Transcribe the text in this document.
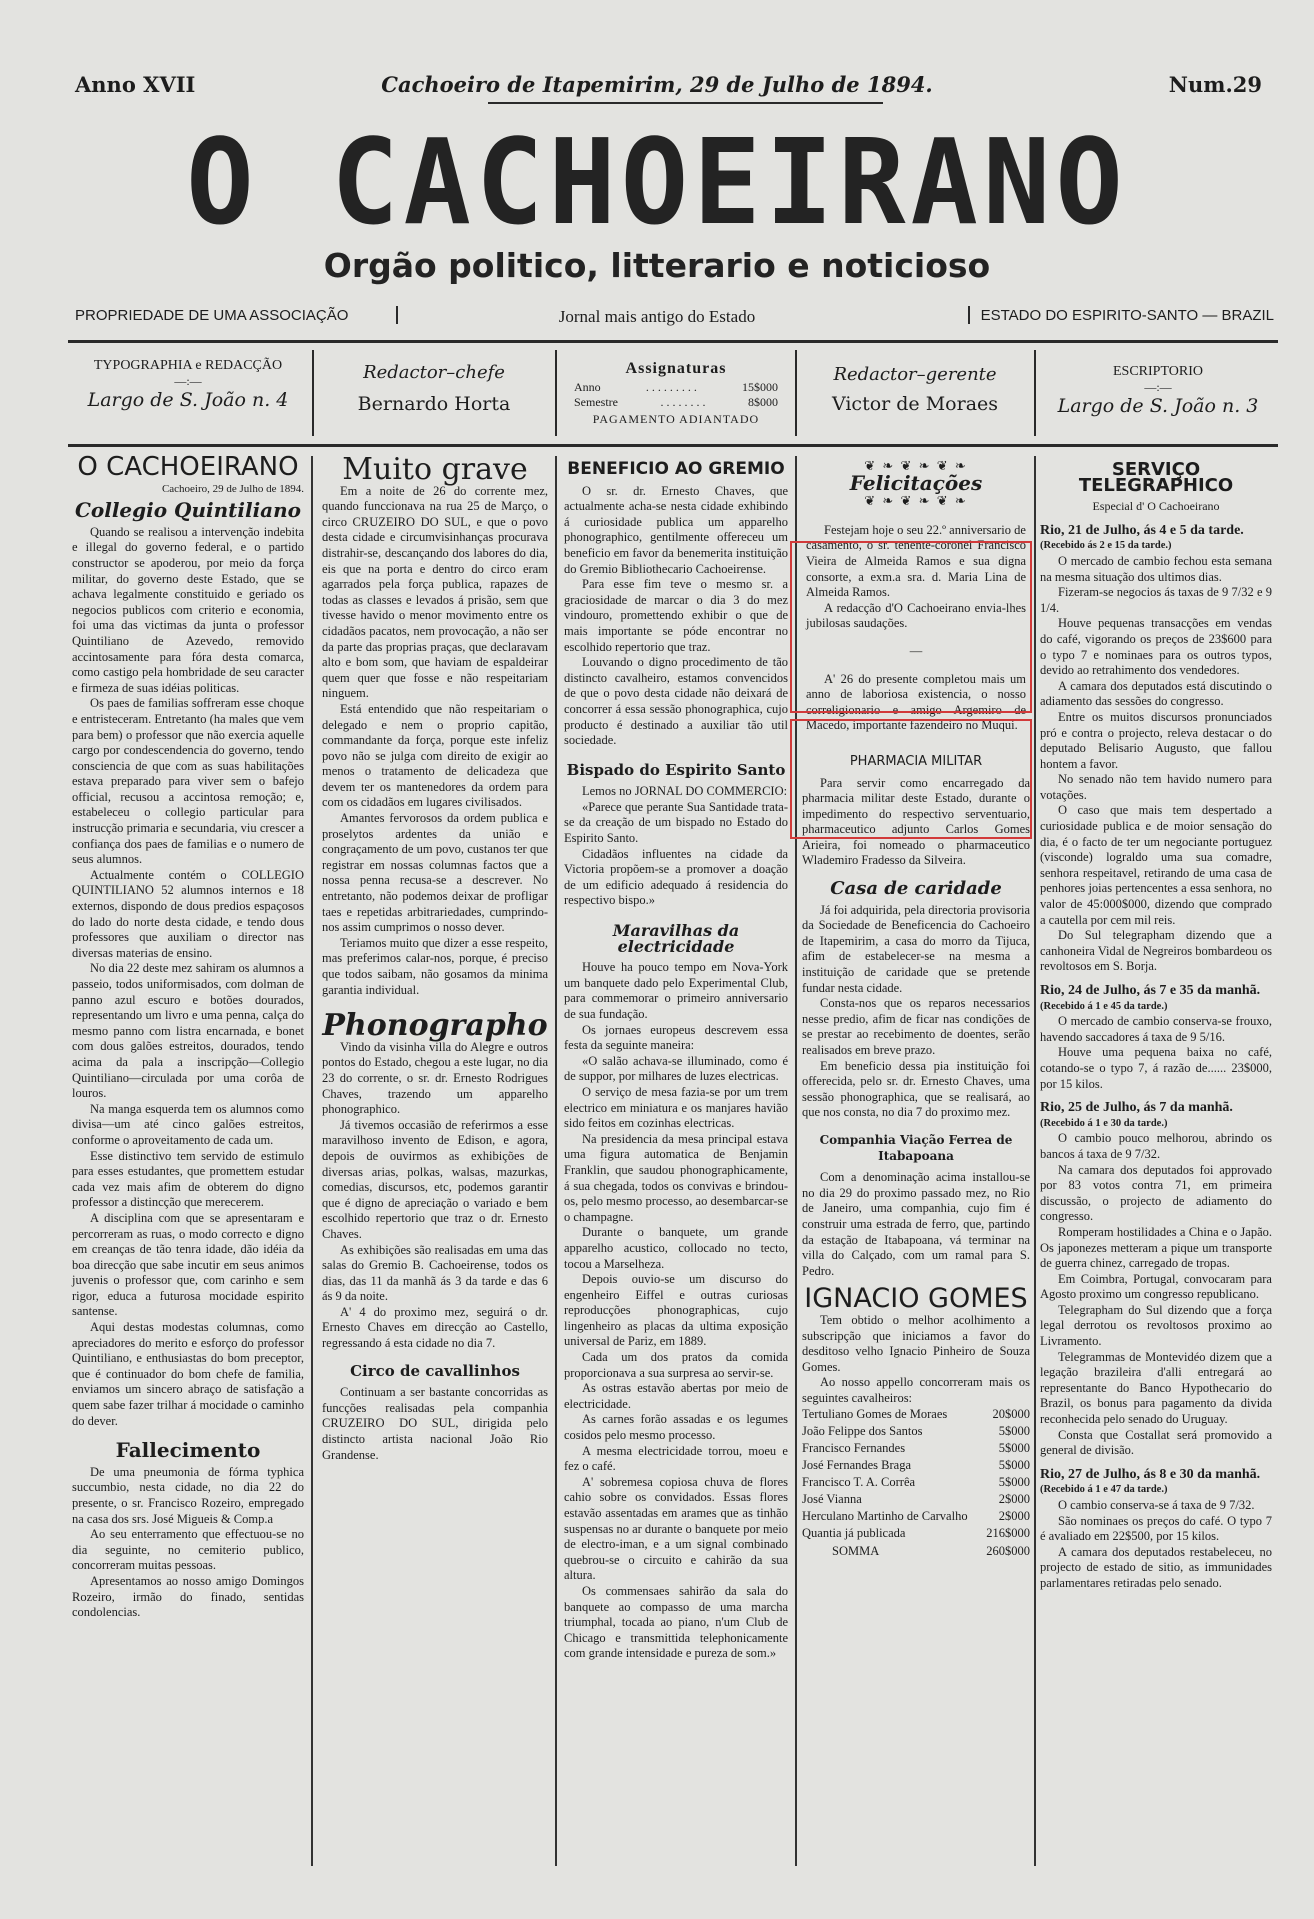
Anno XVII	Cachoeiro de Itapemirim, 29 de Julho de 1894.	Num.29
O CACHOEIRANO
Orgão politico, litterario e noticioso
PROPRIEDADE DE UMA ASSOCIAÇÃO	Jornal mais antigo do Estado	ESTADO DO ESPIRITO-SANTO — BRAZIL
TYPOGRAPHIA e REDACÇÃO
—:—
Largo de S. João n. 4
Redactor–chefe
Bernardo Horta
Assignaturas
Anno	. . . . . . . . .	15$000
Semestre	. . . . . . . .	8$000
PAGAMENTO ADIANTADO
Redactor–gerente
Victor de Moraes
ESCRIPTORIO
—:—
Largo de S. João n. 3
O CACHOEIRANO
Cachoeiro, 29 de Julho de 1894.
Collegio Quintiliano

Quando se realisou a intervenção indebita e illegal do governo federal, e o partido constructor se apoderou, por meio da força militar, do governo deste Estado, que se achava legalmente constituido e geriado os negocios publicos com criterio e economia, foi uma das victimas da junta o professor Quintiliano de Azevedo, removido accintosamente para fóra desta comarca, como castigo pela hombridade de seu caracter e firmeza de suas idéias politicas.

Os paes de familias soffreram esse choque e entristeceram. Entretanto (ha males que vem para bem) o professor que não exercia aquelle cargo por condescendencia do governo, tendo consciencia de que com as suas habilitações estava preparado para viver sem o bafejo official, recusou a accintosa remoção; e, estabeleceu o collegio particular para instrucção primaria e secundaria, viu crescer a confiança dos paes de familias e o numero de seus alumnos.

Actualmente contém o COLLEGIO QUINTILIANO 52 alumnos internos e 18 externos, dispondo de dous predios espaçosos do lado do norte desta cidade, e tendo dous professores que auxiliam o director nas diversas materias de ensino.

No dia 22 deste mez sahiram os alumnos a passeio, todos uniformisados, com dolman de panno azul escuro e botões dourados, representando um livro e uma penna, calça do mesmo panno com listra encarnada, e bonet com dous galões estreitos, dourados, tendo acima da pala a inscripção—Collegio Quintiliano—circulada por uma corôa de louros.

Na manga esquerda tem os alumnos como divisa—um até cinco galões estreitos, conforme o aproveitamento de cada um.

Esse distinctivo tem servido de estimulo para esses estudantes, que promettem estudar cada vez mais afim de obterem do digno professor a distincção que merecerem.

A disciplina com que se apresentaram e percorreram as ruas, o modo correcto e digno em creanças de tão tenra idade, dão idéia da boa direcção que sabe incutir em seus animos juvenis o professor que, com carinho e sem rigor, educa a futurosa mocidade espirito santense.

Aqui destas modestas columnas, como apreciadores do merito e esforço do professor Quintiliano, e enthusiastas do bom preceptor, que é continuador do bom chefe de familia, enviamos um sincero abraço de satisfação a quem sabe fazer trilhar á mocidade o caminho do dever.

Fallecimento

De uma pneumonia de fórma typhica succumbio, nesta cidade, no dia 22 do presente, o sr. Francisco Rozeiro, empregado na casa dos srs. José Migueis & Comp.a

Ao seu enterramento que effectuou-se no dia seguinte, no cemiterio publico, concorreram muitas pessoas.

Apresentamos ao nosso amigo Domingos Rozeiro, irmão do finado, sentidas condolencias.

Muito grave

Em a noite de 26 do corrente mez, quando funccionava na rua 25 de Março, o circo CRUZEIRO DO SUL, e que o povo desta cidade e circumvisinhanças procurava distrahir-se, descançando dos labores do dia, eis que na porta e dentro do circo eram agarrados pela força publica, rapazes de todas as classes e levados á prisão, sem que tivesse havido o menor movimento entre os cidadãos pacatos, nem provocação, a não ser da parte das proprias praças, que declaravam alto e bom som, que haviam de espaldeirar quem quer que fosse e não respeitariam ninguem.

Está entendido que não respeitariam o delegado e nem o proprio capitão, commandante da força, porque este infeliz povo não se julga com direito de exigir ao menos o tratamento de delicadeza que devem ter os mantenedores da ordem para com os cidadãos em lugares civilisados.

Amantes fervorosos da ordem publica e proselytos ardentes da união e congraçamento de um povo, custanos ter que registrar em nossas columnas factos que a nossa penna recusa-se a descrever. No entretanto, não podemos deixar de profligar taes e repetidas arbitrariedades, cumprindo-nos assim cumprimos o nosso dever.

Teriamos muito que dizer a esse respeito, mas preferimos calar-nos, porque, é preciso que todos saibam, não gosamos da minima garantia individual.

Phonographo

Vindo da visinha villa do Alegre e outros pontos do Estado, chegou a este lugar, no dia 23 do corrente, o sr. dr. Ernesto Rodrigues Chaves, trazendo um apparelho phonographico.

Já tivemos occasião de referirmos a esse maravilhoso invento de Edison, e agora, depois de ouvirmos as exhibições de diversas arias, polkas, walsas, mazurkas, comedias, discursos, etc, podemos garantir que é digno de apreciação o variado e bem escolhido repertorio que traz o dr. Ernesto Chaves.

As exhibições são realisadas em uma das salas do Gremio B. Cachoeirense, todos os dias, das 11 da manhã ás 3 da tarde e das 6 ás 9 da noite.

A' 4 do proximo mez, seguirá o dr. Ernesto Chaves em direcção ao Castello, regressando á esta cidade no dia 7.

Circo de cavallinhos

Continuam a ser bastante concorridas as funcções realisadas pela companhia CRUZEIRO DO SUL, dirigida pelo distincto artista nacional João Rio Grandense.

BENEFICIO AO GREMIO

O sr. dr. Ernesto Chaves, que actualmente acha-se nesta cidade exhibindo á curiosidade publica um apparelho phonographico, gentilmente offereceu um beneficio em favor da benemerita instituição do Gremio Bibliothecario Cachoeirense.

Para esse fim teve o mesmo sr. a graciosidade de marcar o dia 3 do mez vindouro, promettendo exhibir o que de mais importante se póde encontrar no escolhido repertorio que traz.

Louvando o digno procedimento de tão distincto cavalheiro, estamos convencidos de que o povo desta cidade não deixará de concorrer á essa sessão phonographica, cujo producto é destinado a auxiliar tão util sociedade.

Bispado do Espirito Santo

Lemos no JORNAL DO COMMERCIO:

«Parece que perante Sua Santidade trata-se da creação de um bispado no Estado do Espirito Santo.

Cidadãos influentes na cidade da Victoria propõem-se a promover a doação de um edificio adequado á residencia do respectivo bispo.»

Maravilhas da electricidade

Houve ha pouco tempo em Nova-York um banquete dado pelo Experimental Club, para commemorar o primeiro anniversario de sua fundação.

Os jornaes europeus descrevem essa festa da seguinte maneira:

«O salão achava-se illuminado, como é de suppor, por milhares de luzes electricas.

O serviço de mesa fazia-se por um trem electrico em miniatura e os manjares havião sido feitos em cozinhas electricas.

Na presidencia da mesa principal estava uma figura automatica de Benjamin Franklin, que saudou phonographicamente, á sua chegada, todos os convivas e brindou-os, pelo mesmo processo, ao desembarcar-se o champagne.

Durante o banquete, um grande apparelho acustico, collocado no tecto, tocou a Marselheza.

Depois ouvio-se um discurso do engenheiro Eiffel e outras curiosas reproducções phonographicas, cujo lingenheiro as placas da ultima exposição universal de Pariz, em 1889.

Cada um dos pratos da comida proporcionava a sua surpresa ao servir-se.

As ostras estavão abertas por meio de electricidade.

As carnes forão assadas e os legumes cosidos pelo mesmo processo.

A mesma electricidade torrou, moeu e fez o café.

A' sobremesa copiosa chuva de flores cahio sobre os convidados. Essas flores estavão assentadas em arames que as tinhão suspensas no ar durante o banquete por meio de electro-iman, e a um signal combinado quebrou-se o circuito e cahirão da sua altura.

Os commensaes sahirão da sala do banquete ao compasso de uma marcha triumphal, tocada ao piano, n'um Club de Chicago e transmittida telephonicamente com grande intensidade e pureza de som.»

❦ ❧ ❦ ❧ ❦ ❧
Felicitações
❦ ❧ ❦ ❧ ❦ ❧

Festejam hoje o seu 22.º anniversario de casamento, o sr. tenente-coronel Francisco Vieira de Almeida Ramos e sua digna consorte, a exm.a sra. d. Maria Lina de Almeida Ramos.

A redacção d'O Cachoeirano envia-lhes jubilosas saudações.

—

A' 26 do presente completou mais um anno de laboriosa existencia, o nosso correligionario e amigo Argemiro de Macedo, importante fazendeiro no Muqui.

PHARMACIA MILITAR

Para servir como encarregado da pharmacia militar deste Estado, durante o impedimento do respectivo serventuario, pharmaceutico adjunto Carlos Gomes Arieira, foi nomeado o pharmaceutico Wlademiro Fradesso da Silveira.

Casa de caridade

Já foi adquirida, pela directoria provisoria da Sociedade de Beneficencia do Cachoeiro de Itapemirim, a casa do morro da Tijuca, afim de estabelecer-se na mesma a instituição de caridade que se pretende fundar nesta cidade.

Consta-nos que os reparos necessarios nesse predio, afim de ficar nas condições de se prestar ao recebimento de doentes, serão realisados em breve prazo.

Em beneficio dessa pia instituição foi offerecida, pelo sr. dr. Ernesto Chaves, uma sessão phonographica, que se realisará, ao que nos consta, no dia 7 do proximo mez.

Companhia Viação Ferrea de Itabapoana

Com a denominação acima installou-se no dia 29 do proximo passado mez, no Rio de Janeiro, uma companhia, cujo fim é construir uma estrada de ferro, que, partindo da estação de Itabapoana, vá terminar na villa do Calçado, com um ramal para S. Pedro.

IGNACIO GOMES

Tem obtido o melhor acolhimento a subscripção que iniciamos a favor do desditoso velho Ignacio Pinheiro de Souza Gomes.

Ao nosso appello concorreram mais os seguintes cavalheiros:

Tertuliano Gomes de Moraes	20$000
João Felippe dos Santos	5$000
Francisco Fernandes	5$000
José Fernandes Braga	5$000
Francisco T. A. Corrêa	5$000
José Vianna	2$000
Herculano Martinho de Carvalho 2$000
Quantia já publicada	216$000
SOMMA	260$000
SERVIÇO TELEGRAPHICO
Especial d' O Cachoeirano

Rio, 21 de Julho, ás 4 e 5 da tarde.

(Recebido ás 2 e 15 da tarde.)

O mercado de cambio fechou esta semana na mesma situação dos ultimos dias.

Fizeram-se negocios ás taxas de 9 7/32 e 9 1/4.

Houve pequenas transacções em vendas do café, vigorando os preços de 23$600 para o typo 7 e nominaes para os outros typos, devido ao retrahimento dos vendedores.

A camara dos deputados está discutindo o adiamento das sessões do congresso.

Entre os muitos discursos pronunciados pró e contra o projecto, releva destacar o do deputado Belisario Augusto, que fallou hontem a favor.

No senado não tem havido numero para votações.

O caso que mais tem despertado a curiosidade publica e de moior sensação do dia, é o facto de ter um negociante portuguez (visconde) lograldo uma sua comadre, senhora respeitavel, retirando de uma casa de penhores joias pertencentes a essa senhora, no valor de 45:000$000, dizendo que comprado a cautella por cem mil reis.

Do Sul telegrapham dizendo que a canhoneira Vidal de Negreiros bombardeou os revoltosos em S. Borja.

Rio, 24 de Julho, ás 7 e 35 da manhã.

(Recebido á 1 e 45 da tarde.)

O mercado de cambio conserva-se frouxo, havendo saccadores á taxa de 9 5/16.

Houve uma pequena baixa no café, cotando-se o typo 7, á razão de...... 23$000, por 15 kilos.

Rio, 25 de Julho, ás 7 da manhã.

(Recebido á 1 e 30 da tarde.)

O cambio pouco melhorou, abrindo os bancos á taxa de 9 7/32.

Na camara dos deputados foi approvado por 83 votos contra 71, em primeira discussão, o projecto de adiamento do congresso.

Romperam hostilidades a China e o Japão. Os japonezes metteram a pique um transporte de guerra chinez, carregado de tropas.

Em Coimbra, Portugal, convocaram para Agosto proximo um congresso republicano.

Telegrapham do Sul dizendo que a força legal derrotou os revoltosos proximo ao Livramento.

Telegrammas de Montevidéo dizem que a legação brazileira d'alli entregará ao representante do Banco Hypothecario do Brazil, os bonus para pagamento da divida reconhecida pelo senado do Uruguay.

Consta que Costallat será promovido a general de divisão.

Rio, 27 de Julho, ás 8 e 30 da manhã.

(Recebido á 1 e 47 da tarde.)

O cambio conserva-se á taxa de 9 7/32.

São nominaes os preços do café. O typo 7 é avaliado em 22$500, por 15 kilos.

A camara dos deputados restabeleceu, no projecto de estado de sitio, as immunidades parlamentares retiradas pelo senado.
